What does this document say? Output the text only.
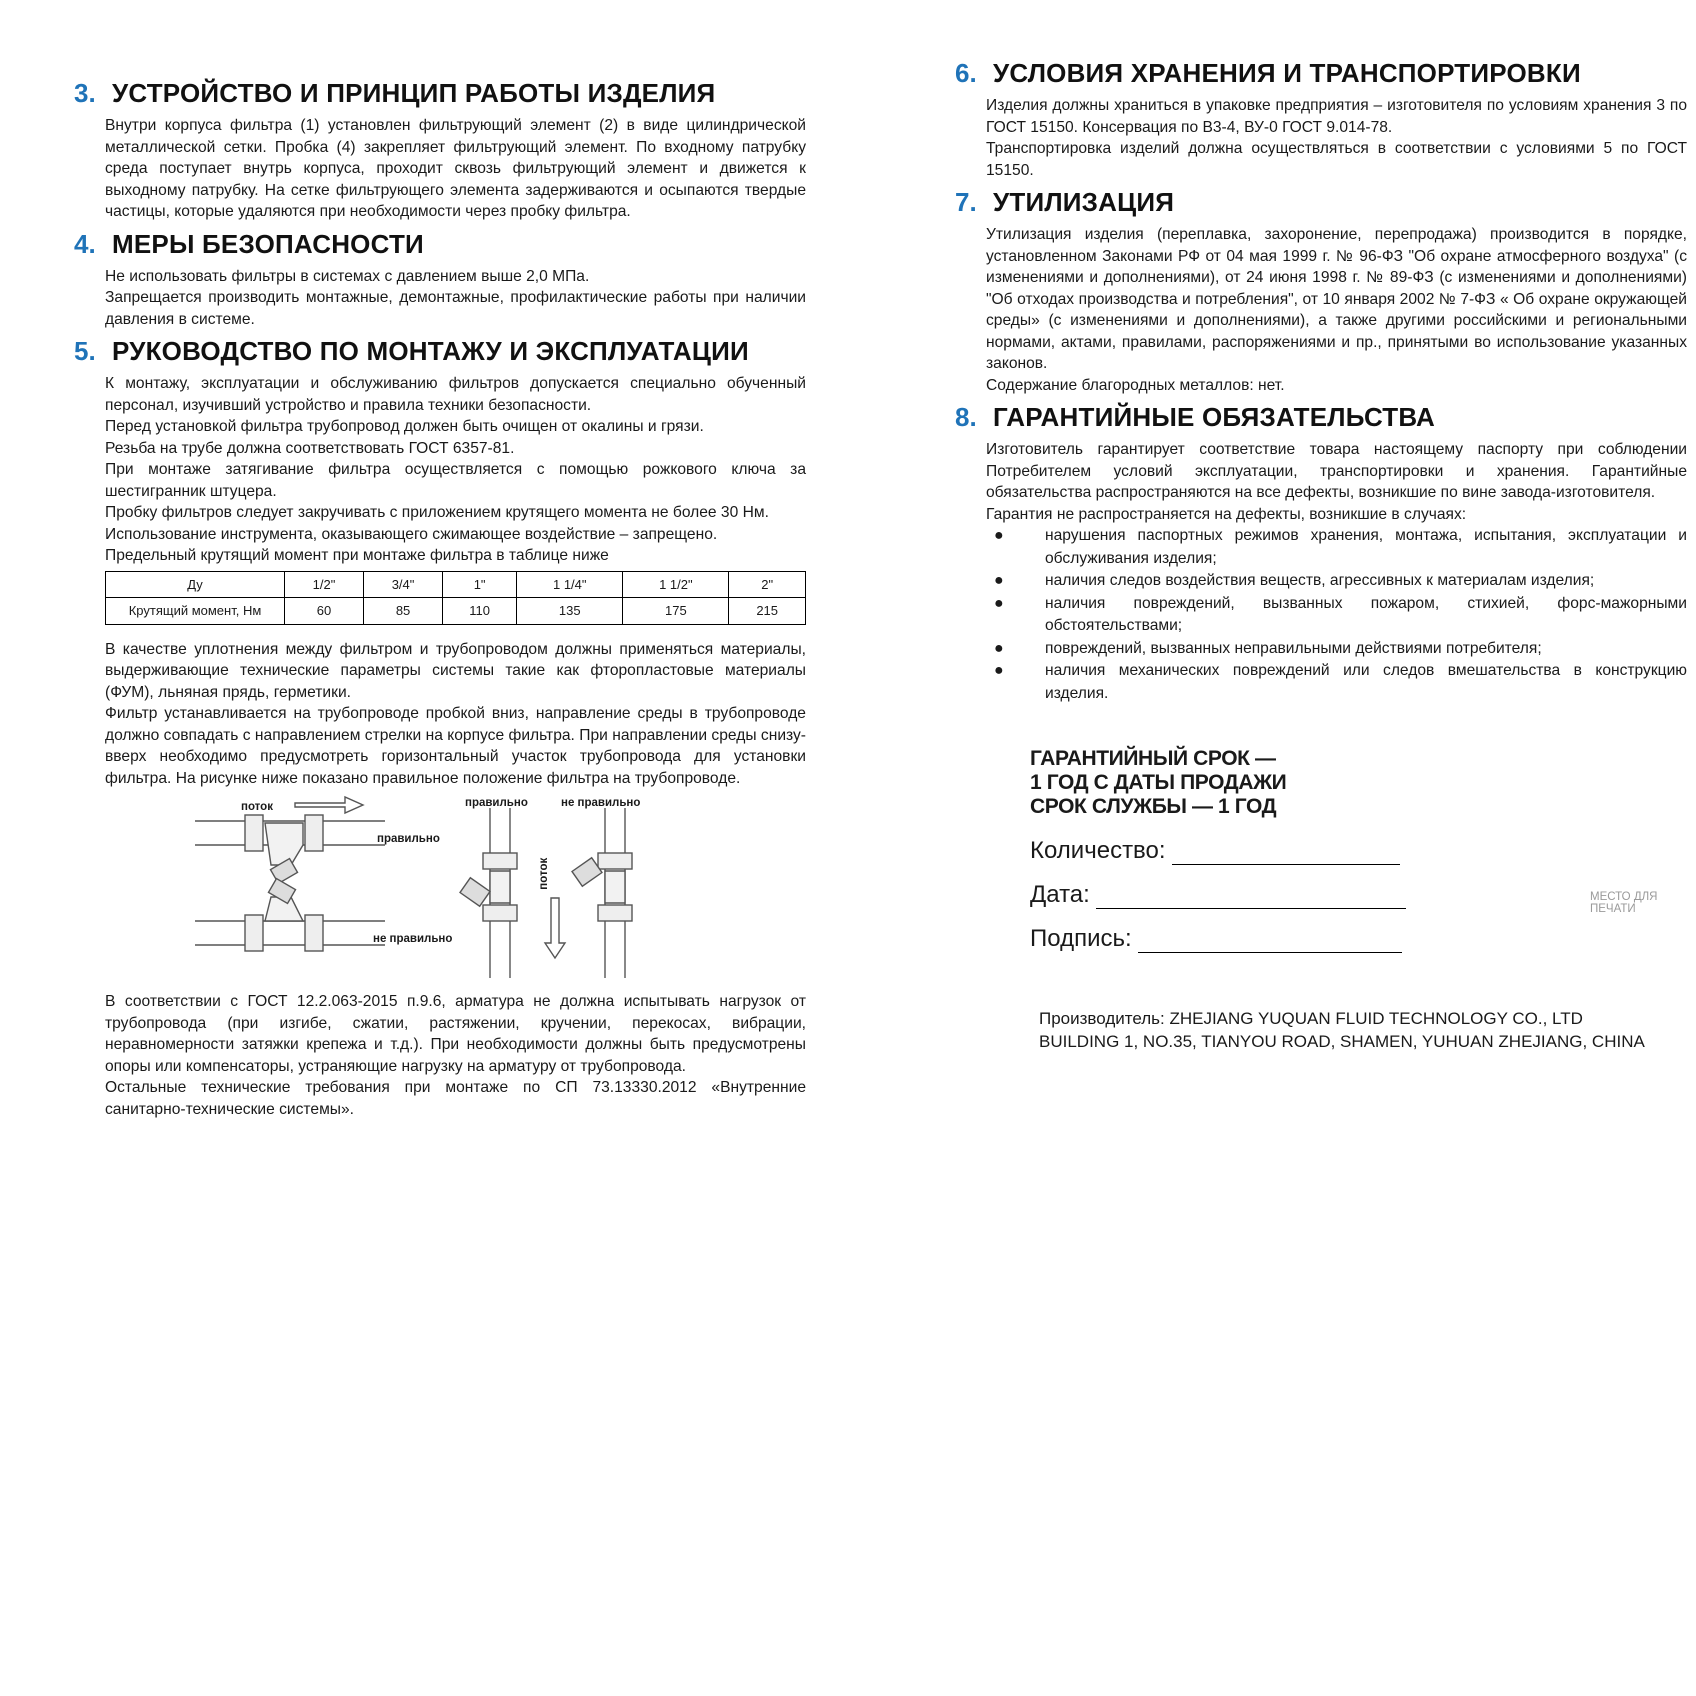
3. УСТРОЙСТВО И ПРИНЦИП РАБОТЫ ИЗДЕЛИЯ

Внутри корпуса фильтра (1) установлен фильтрующий элемент (2) в виде цилиндрической металлической сетки. Пробка (4) закрепляет фильтрующий элемент. По входному патрубку среда поступает внутрь корпуса, проходит сквозь фильтрующий элемент и движется к выходному патрубку. На сетке фильтрующего элемента задерживаются и осыпаются твердые частицы, которые удаляются при необходимости через пробку фильтра.

4. МЕРЫ БЕЗОПАСНОСТИ

Не использовать фильтры в системах с давлением выше 2,0 МПа.

Запрещается производить монтажные, демонтажные, профилактические работы при наличии давления в системе.

5. РУКОВОДСТВО ПО МОНТАЖУ И ЭКСПЛУАТАЦИИ

К монтажу, эксплуатации и обслуживанию фильтров допускается специально обученный персонал, изучивший устройство и правила техники безопасности.

Перед установкой фильтра трубопровод должен быть очищен от окалины и грязи.

Резьба на трубе должна соответствовать ГОСТ 6357-81.

При монтаже затягивание фильтра осуществляется с помощью рожкового ключа за шестигранник штуцера.

Пробку фильтров следует закручивать с приложением крутящего момента не более 30 Нм.

Использование инструмента, оказывающего сжимающее воздействие – запрещено.

Предельный крутящий момент при монтаже фильтра в таблице ниже

Ду	1/2"	3/4"	1"	1 1/4"	1 1/2"	2"
Крутящий момент, Нм	60	85	110	135	175	215

В качестве уплотнения между фильтром и трубопроводом должны применяться материалы, выдерживающие технические параметры системы такие как фторопластовые материалы (ФУМ), льняная прядь, герметики.

Фильтр устанавливается на трубопроводе пробкой вниз, направление среды в трубопроводе должно совпадать с направлением стрелки на корпусе фильтра. При направлении среды снизу-вверх необходимо предусмотреть горизонтальный участок трубопровода для установки фильтра. На рисунке ниже показано правильное положение фильтра на трубопроводе.

поток
правильно
не правильно
правильно	не правильно
поток

В соответствии с ГОСТ 12.2.063-2015 п.9.6, арматура не должна испытывать нагрузок от трубопровода (при изгибе, сжатии, растяжении, кручении, перекосах, вибрации, неравномерности затяжки крепежа и т.д.). При необходимости должны быть предусмотрены опоры или компенсаторы, устраняющие нагрузку на арматуру от трубопровода.

Остальные технические требования при монтаже по СП 73.13330.2012 «Внутренние санитарно-технические системы».

6. УСЛОВИЯ ХРАНЕНИЯ И ТРАНСПОРТИРОВКИ

Изделия должны храниться в упаковке предприятия – изготовителя по условиям хранения 3 по ГОСТ 15150. Консервация по В3-4, ВУ-0 ГОСТ 9.014-78.

Транспортировка изделий должна осуществляться в соответствии с условиями 5 по ГОСТ 15150.

7. УТИЛИЗАЦИЯ

Утилизация изделия (переплавка, захоронение, перепродажа) производится в порядке, установленном Законами РФ от 04 мая 1999 г. № 96-ФЗ "Об охране атмосферного воздуха" (с изменениями и дополнениями), от 24 июня 1998 г. № 89-ФЗ (с изменениями и дополнениями) "Об отходах производства и потребления", от 10 января 2002 № 7-ФЗ « Об охране окружающей среды» (с изменениями и дополнениями), а также другими российскими и региональными нормами, актами, правилами, распоряжениями и пр., принятыми во использование указанных законов.

Содержание благородных металлов: нет.

8. ГАРАНТИЙНЫЕ ОБЯЗАТЕЛЬСТВА

Изготовитель гарантирует соответствие товара настоящему паспорту при соблюдении Потребителем условий эксплуатации, транспортировки и хранения. Гарантийные обязательства распространяются на все дефекты, возникшие по вине завода-изготовителя.

Гарантия не распространяется на дефекты, возникшие в случаях:

●	нарушения паспортных режимов хранения, монтажа, испытания, эксплуатации и обслуживания изделия;
●	наличия следов воздействия веществ, агрессивных к материалам изделия;
●	наличия повреждений, вызванных пожаром, стихией, форс-мажорными обстоятельствами;
●	повреждений, вызванных неправильными действиями потребителя;
●	наличия механических повреждений или следов вмешательства в конструкцию изделия.
ГАРАНТИЙНЫЙ СРОК —
1 ГОД С ДАТЫ ПРОДАЖИ
СРОК СЛУЖБЫ — 1 ГОД
Количество:
Дата:	МЕСТО ДЛЯ ПЕЧАТИ
Подпись:
Производитель: ZHEJIANG YUQUAN FLUID TECHNOLOGY CO., LTD
BUILDING 1, NO.35, TIANYOU ROAD, SHAMEN, YUHUAN ZHEJIANG, CHINA
